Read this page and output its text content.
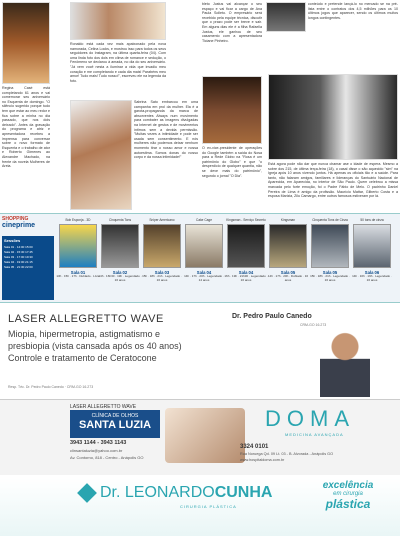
Regina Casé está completando 61 anos e vai comemorar seu aniversário no Esquenta de domingo. "O silêncio sugerido porque tudo tem que estar ao meu redor e fica sobre a minha no dia passado, que nos dois deixado". Antes da gravação do programa e atriz e apresentadora recebeu a imprensa para conversar sobre o novo formato de Esquenta e o trabalho de ator e Roberto Gimenes ao Alexandre Machado, na frente da novela Mulheres de Areia.
Ronaldo está cada vez mais apaixonado pela nova namorada, Celina Locks, e mostrou isso para todos os seus seguidores do Instagram, na última quarta-feira (04). Com uma linda foto dos dois em clima de romance e sedução, o Fenômeno se declarou à amada, no dia do seu aniversário. "Já vem você nesta a iluminar a vida que invadiu meu coração e me completando e cada dia mais! Parabéns meu amor! Tudo mais! Tudo nosso!", escreveu ele na legenda da foto.
Sabrina Sato embarcou em uma campanha em prol da mulher. Ela é a garota-propaganda da marca de absorventes Always num movimento para combater as imagens divulgadas na Internet de gestos e de movimentos íntimos sem a devida permissão. "Muitas vezes a intimidade e pode ser usada sem consentimento. E nós mulheres não podemos deixar nenhum momento tirar o nosso amor e nossa autoestima. Somos donas do nosso corpo e da nossa intimidade!"
bleto Justus vai alcançar o seu espaço e vai ficar a cargo de Ana Paula Solleto. O empresário será recebido pela equipe técnica, discutir que o prazo pode ser breve e sair. Em alguns dias ele é a filha Rafaella Justus, ele ganhou de seu casamento com a apresentadora Ticiane Pinheiro.
O ex-vice-presidente de operações do Google também a saída do Nosa para a Rede Globo na "Rosa é um patrimônio do Globo" e que "o desperdício de qualquer quantia, não se deve mais do patrimônio", segundo o jornal "O Dia".
conteúdo e pretende lançá-lo no mercado se na pré-lista entre o contratos dos 4,5 milhões para os 10 últimos jogos que aparecer, sendo os últimos muitos longos contingentes.
Está agora pode não dar que nunca chamar ase o idade de espera. Mesmo a sobre dos 215, de última terça-feira (18), o casal disse o são aquecido "sim" na Igreja após 10 anos vivendo juntos. Há apenas os oficiais tão e a saúde. Para tanto, não falaram amigos, familiares e lideranças do Santuário Nacional de Aparecida, em Aparecida, no interior de São Paulo. Quem celebrou a missa marcada pelo forte emoção, foi o Padre Fábio de Melo. O padrinho Daniel Pereira de Lima é amigo da profissão. Maurício Mattar, Gilberto Costa e a esposa Marizia, Zilu Camargo, entre outros famosos estiveram por lá.
SHOPPING
cineprime
Sessões
Sala 01 · 14:00 15:00
Sala 02 · 15:30 17:45
Sala 03 · 17:00 19:30
Sala 04 · 19:00 21:15
Sala 05 · 21:30 22:00
Bob Esponja - 3D
Sala 01
13h · 15h · 17h · Dublado · Livre
Cinquenta Tons
Sala 02
14h · 16h30 · 19h · Legendado · 16 anos
Sniper Americano
Sala 03
15h · 18h · 21h · Legendado · 16 anos
Cake Cage
Sala 04
14h · 17h · 20h · Legendado · 14 anos
Kingsman - Serviço Secreto
Sala 04
16h · 19h · 21h30 · Legendado · 16 anos
Kingsman
Sala 05
14h · 17h · 20h · Dublado · 16 anos
Cinquenta Tons de Cinza
Sala 05
15h · 18h · 21h · Legendado · 16 anos
50 tons de cinza
Sala 06
14h · 16h · 19h · Legendado · 16 anos
LASER ALLEGRETTO WAVE
Miopia, hipermetropia, astigmatismo e
presbiopia (vista cansada após os 40 anos)
Controle e tratamento de Ceratocone
Resp. Téc. Dr. Pedro Paulo Canedo · CRM-GO 16.273
Dr. Pedro Paulo Canedo
CRM-GO 16.273
LASER ALLEGRETTO WAVE
CLÍNICA DE OLHOS
SANTA LUZIA
3943 1144 - 3943 1143
clinsantaluzia@yahoo.com.br
Av. Contorno, 818 - Centro - Anápolis GO
DOMA
MEDICINA AVANÇADA
3324 0101
Rua Noruega Qd. 09 Lt. 03 - B. Alvorada - Anápolis GO
www.hospitaldoma.com.br
Dr. LEONARDOCUNHA
CIRURGIA PLÁSTICA
excelência
em cirurgia
plástica
